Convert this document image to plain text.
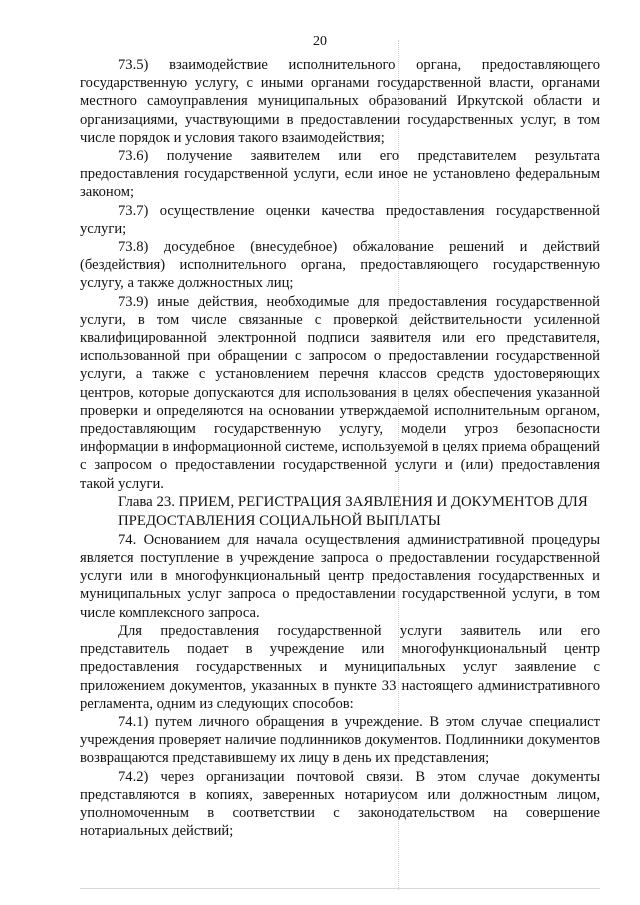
20

73.5) взаимодействие исполнительного органа, предоставляющего государственную услугу, с иными органами государственной власти, органами местного самоуправления муниципальных образований Иркутской области и организациями, участвующими в предоставлении государственных услуг, в том числе порядок и условия такого взаимодействия;

73.6) получение заявителем или его представителем результата предоставления государственной услуги, если иное не установлено федеральным законом;

73.7) осуществление оценки качества предоставления государственной услуги;

73.8) досудебное (внесудебное) обжалование решений и действий (бездействия) исполнительного органа, предоставляющего государственную услугу, а также должностных лиц;

73.9) иные действия, необходимые для предоставления государственной услуги, в том числе связанные с проверкой действительности усиленной квалифицированной электронной подписи заявителя или его представителя, использованной при обращении с запросом о предоставлении государственной услуги, а также с установлением перечня классов средств удостоверяющих центров, которые допускаются для использования в целях обеспечения указанной проверки и определяются на основании утверждаемой исполнительным органом, предоставляющим государственную услугу, модели угроз безопасности информации в информационной системе, используемой в целях приема обращений с запросом о предоставлении государственной услуги и (или) предоставления такой услуги.

Глава 23. ПРИЕМ, РЕГИСТРАЦИЯ ЗАЯВЛЕНИЯ И ДОКУМЕНТОВ ДЛЯ
ПРЕДОСТАВЛЕНИЯ СОЦИАЛЬНОЙ ВЫПЛАТЫ

74. Основанием для начала осуществления административной процедуры является поступление в учреждение запроса о предоставлении государственной услуги или в многофункциональный центр предоставления государственных и муниципальных услуг запроса о предоставлении государственной услуги, в том числе комплексного запроса.

Для предоставления государственной услуги заявитель или его представитель подает в учреждение или многофункциональный центр предоставления государственных и муниципальных услуг заявление с приложением документов, указанных в пункте 33 настоящего административного регламента, одним из следующих способов:

74.1) путем личного обращения в учреждение. В этом случае специалист учреждения проверяет наличие подлинников документов. Подлинники документов возвращаются представившему их лицу в день их представления;

74.2) через организации почтовой связи. В этом случае документы представляются в копиях, заверенных нотариусом или должностным лицом, уполномоченным в соответствии с законодательством на совершение нотариальных действий;
